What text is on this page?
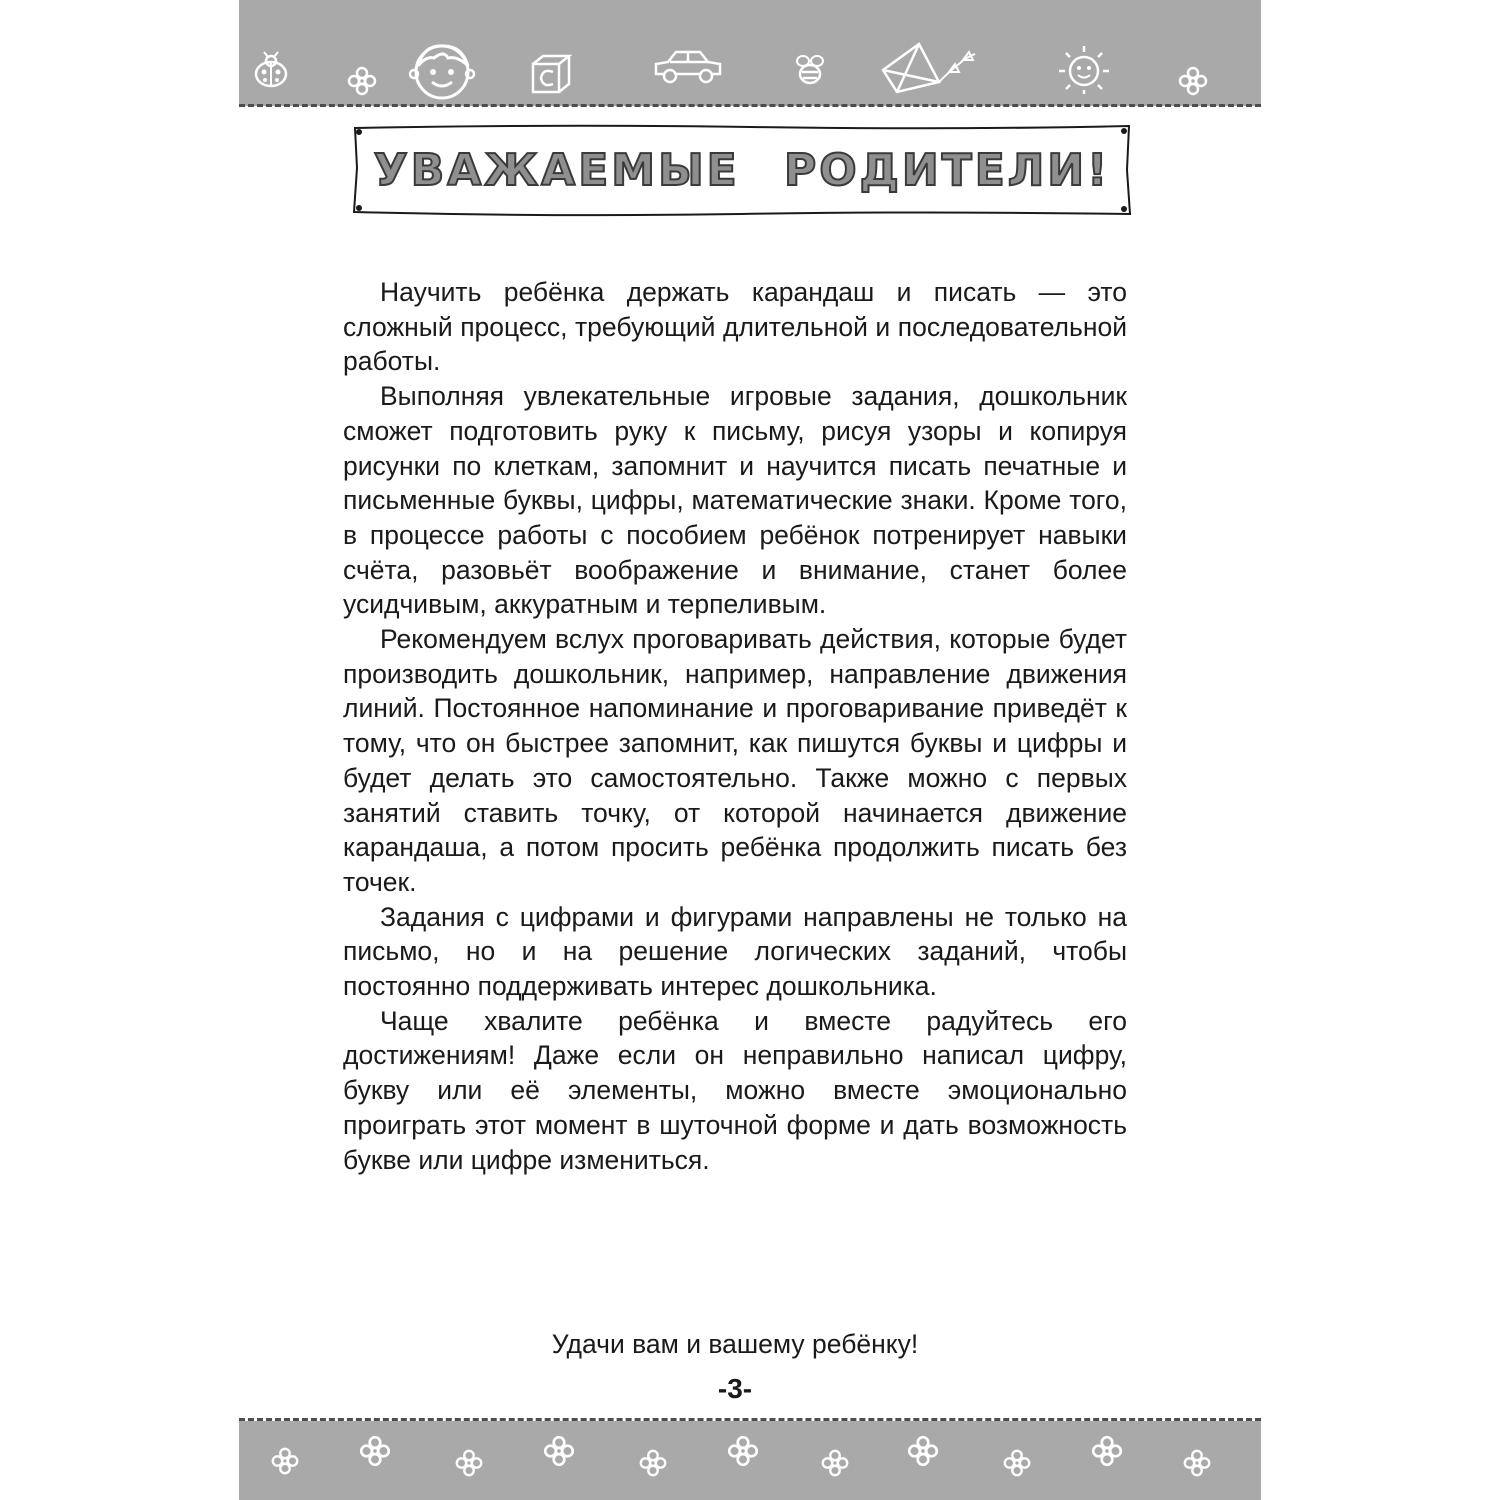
УВАЖАЕМЫЕ РОДИТЕЛИ!

Научить ребёнка держать карандаш и писать — это сложный процесс, требующий длительной и последовательной работы.

Выполняя увлекательные игровые задания, дошкольник сможет подготовить руку к письму, рисуя узоры и копируя рисунки по клеткам, запомнит и научится писать печатные и письменные буквы, цифры, математические знаки. Кроме того, в процессе работы с пособием ребёнок потренирует навыки счёта, разовьёт воображение и внимание, станет более усидчивым, аккуратным и терпеливым.

Рекомендуем вслух проговаривать действия, которые будет производить дошкольник, например, направление движения линий. Постоянное напоминание и проговаривание приведёт к тому, что он быстрее запомнит, как пишутся буквы и цифры и будет делать это самостоятельно. Также можно с первых занятий ставить точку, от которой начинается движение карандаша, а потом просить ребёнка продолжить писать без точек.

Задания с цифрами и фигурами направлены не только на письмо, но и на решение логических заданий, чтобы постоянно поддерживать интерес дошкольника.

Чаще хвалите ребёнка и вместе радуйтесь его достижениям! Даже если он неправильно написал цифру, букву или её элементы, можно вместе эмоционально проиграть этот момент в шуточной форме и дать возможность букве или цифре измениться.

Удачи вам и вашему ребёнку!
-3-
